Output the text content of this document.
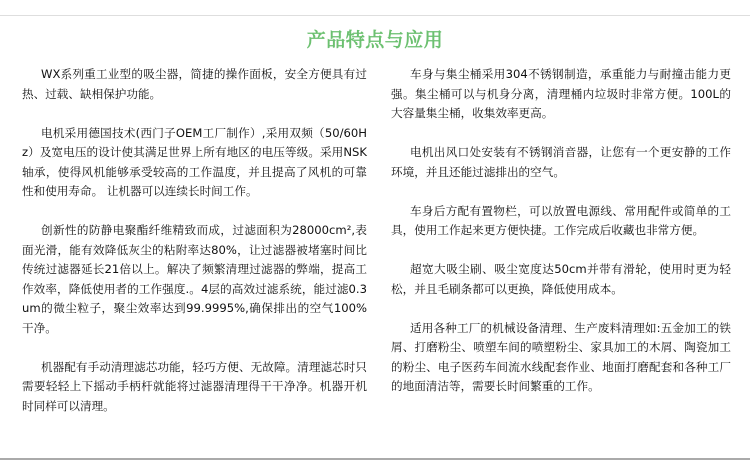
产品特点与应用

WX系列重工业型的吸尘器，简捷的操作面板，安全方便具有过热、过载、缺相保护功能。

电机采用德国技术(西门子OEM工厂制作）,采用双频（50/60Hz）及宽电压的设计使其满足世界上所有地区的电压等级。采用NSK轴承，使得风机能够承受较高的工作温度，并且提高了风机的可靠性和使用寿命。 让机器可以连续长时间工作。

创新性的防静电聚酯纤维精致而成，过滤面积为28000cm²,表面光滑，能有效降低灰尘的粘附率达80%，让过滤器被堵塞时间比传统过滤器延长21倍以上。解决了频繁清理过滤器的弊端，提高工作效率，降低使用者的工作强度.。4层的高效过滤系统，能过滤0.3um的微尘粒子，聚尘效率达到99.9995%,确保排出的空气100%干净。

机器配有手动清理滤芯功能，轻巧方便、无故障。清理滤芯时只需要轻轻上下摇动手柄杆就能将过滤器清理得干干净净。机器开机时同样可以清理。

车身与集尘桶采用304不锈钢制造，承重能力与耐撞击能力更强。集尘桶可以与机身分离，清理桶内垃圾时非常方便。100L的大容量集尘桶，收集效率更高。

电机出风口处安装有不锈钢消音器，让您有一个更安静的工作环境，并且还能过滤排出的空气。

车身后方配有置物栏，可以放置电源线、常用配件或简单的工具，使用工作起来更方便快捷。工作完成后收藏也非常方便。

超宽大吸尘刷、吸尘宽度达50cm并带有滑轮，使用时更为轻松，并且毛刷条都可以更换，降低使用成本。

适用各种工厂的机械设备清理、生产废料清理如:五金加工的铁屑、打磨粉尘、喷塑车间的喷塑粉尘、家具加工的木屑、陶瓷加工的粉尘、电子医药车间流水线配套作业、地面打磨配套和各种工厂的地面清洁等，需要长时间繁重的工作。
